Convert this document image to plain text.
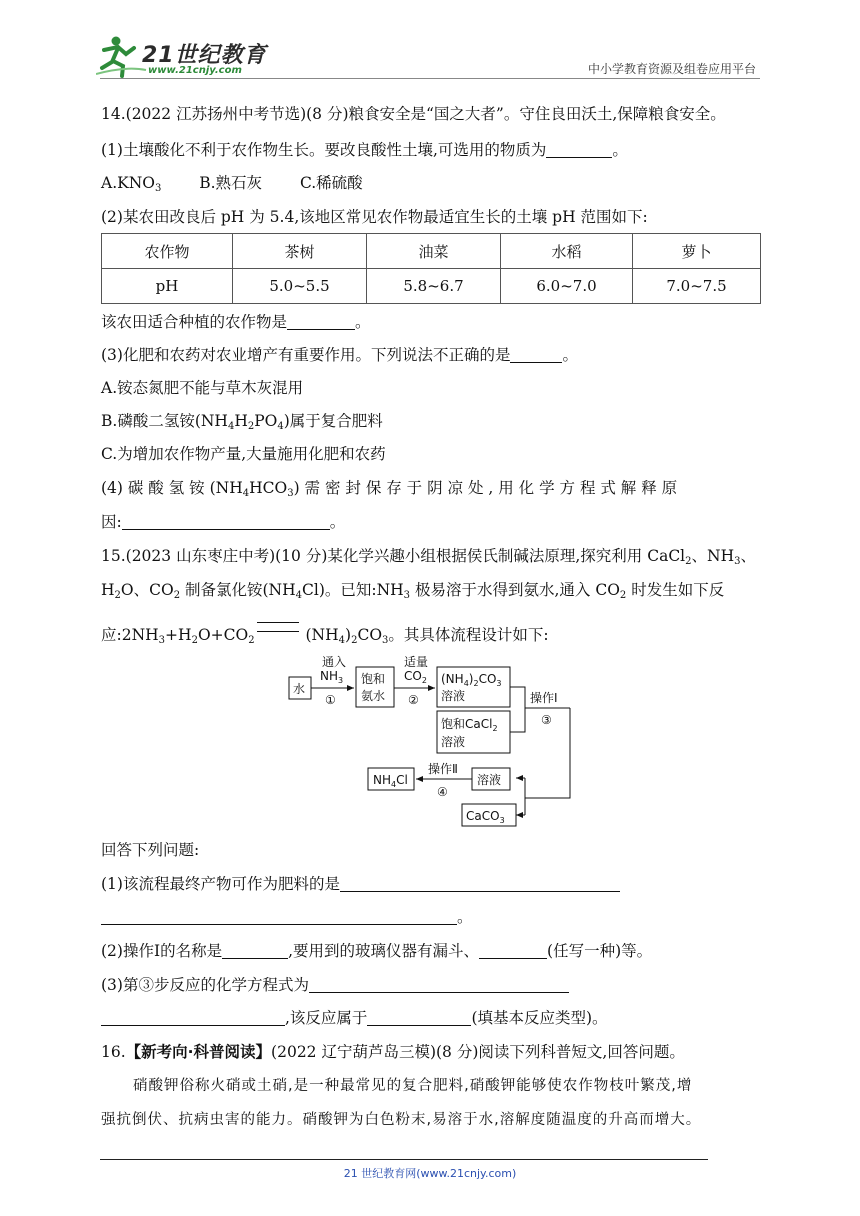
21世纪教育
www.21cnjy.com	中小学教育资源及组卷应用平台
14.(2022 江苏扬州中考节选)(8 分)粮食安全是“国之大者”。守住良田沃土,保障粮食安全。
(1)土壤酸化不利于农作物生长。要改良酸性土壤,可选用的物质为	。
$A.KNO_3$ B.熟石灰 C.稀硫酸
(2)某农田改良后 pH 为 5.4,该地区常见农作物最适宜生长的土壤 pH 范围如下:
农作物	茶树	油菜	水稻	萝卜
pH	5.0~5.5	5.8~6.7	6.0~7.0	7.0~7.5
该农田适合种植的农作物是	。
(3)化肥和农药对农业增产有重要作用。下列说法不正确的是	。
A.铵态氮肥不能与草木灰混用
B.磷酸二氢铵$(NH_4H_2PO_4)$属于复合肥料
C.为增加农作物产量,大量施用化肥和农药
(4) 碳 酸 氢 铵 $(NH_4HCO_3)$ 需 密 封 保 存 于 阴 凉 处 , 用 化 学 方 程 式 解 释 原
因:	。
15.(2023 山东枣庄中考)(10 分)某化学兴趣小组根据侯氏制碱法原理,探究利用 CaCl$_2$、$NH_3$、
$H_2O$、$CO_2$ 制备氯化铵$(NH_4Cl)$。已知$:NH_3$ 极易溶于水得到氨水,通入 $CO_2$ 时发生如下反
应$:2NH_3+H_2O+CO_2$	$(NH_4)_2CO_3$。其具体流程设计如下:
水
通入
$NH_3$
①
饱和
氨水
适量
$CO_2$
②
$(NH_4)_2CO_3$
溶液
饱和CaCl$_2$
溶液
操作Ⅰ
③
溶液
CaCO$_3$
操作Ⅱ
④
$NH_4Cl$
回答下列问题:
(1)该流程最终产物可作为肥料的是
。
(2)操作Ⅰ的名称是	,要用到的玻璃仪器有漏斗、	(任写一种)等。
(3)第③步反应的化学方程式为
,该反应属于	(填基本反应类型)。
16.【新考向·科普阅读】(2022 辽宁葫芦岛三模)(8 分)阅读下列科普短文,回答问题。
硝酸钾俗称火硝或土硝,是一种最常见的复合肥料,硝酸钾能够使农作物枝叶繁茂,增
强抗倒伏、抗病虫害的能力。硝酸钾为白色粉末,易溶于水,溶解度随温度的升高而增大。
21 世纪教育网(www.21cnjy.com)
